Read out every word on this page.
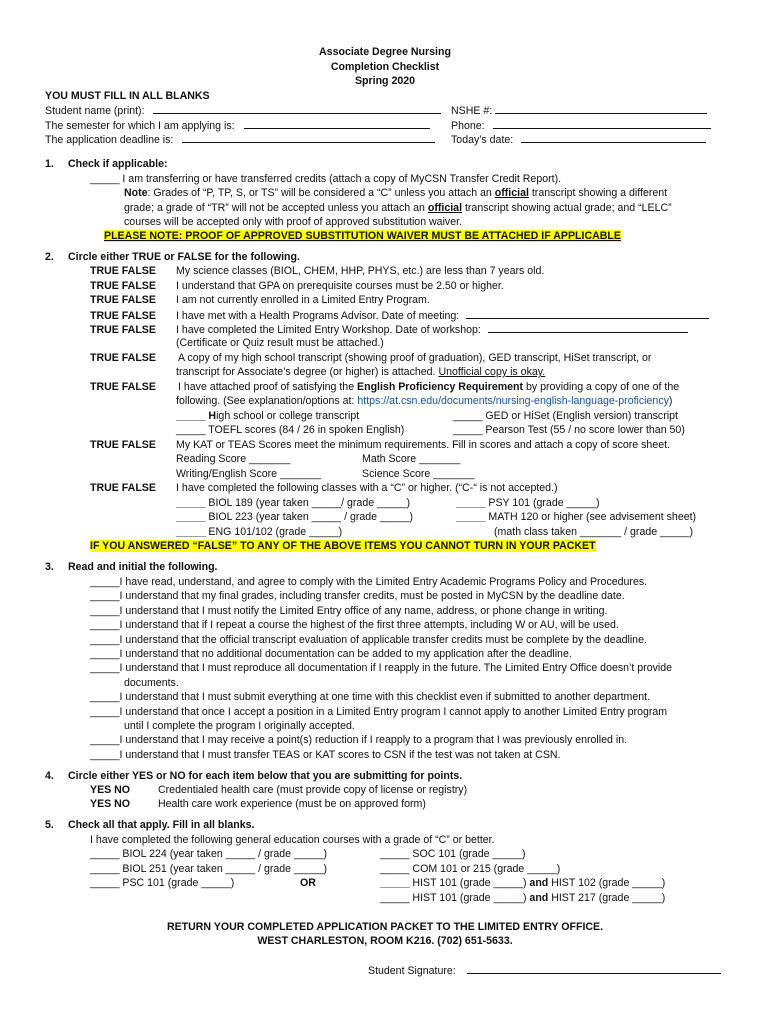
Associate Degree Nursing
Completion Checklist
Spring 2020
YOU MUST FILL IN ALL BLANKS
Student name (print):	NSHE #:
The semester for which I am applying is:	Phone:
The application deadline is:	Today’s date:
1. Check if applicable:
_____ I am transferring or have transferred credits (attach a copy of MyCSN Transfer Credit Report).
Note: Grades of “P, TP, S, or TS” will be considered a “C” unless you attach an official transcript showing a different
grade; a grade of “TR” will not be accepted unless you attach an official transcript showing actual grade; and “LELC”
courses will be accepted only with proof of approved substitution waiver.
PLEASE NOTE: PROOF OF APPROVED SUBSTITUTION WAIVER MUST BE ATTACHED IF APPLICABLE
2. Circle either TRUE or FALSE for the following.
TRUE FALSE My science classes (BIOL, CHEM, HHP, PHYS, etc.) are less than 7 years old.
TRUE FALSE I understand that GPA on prerequisite courses must be 2.50 or higher.
TRUE FALSE I am not currently enrolled in a Limited Entry Program.
TRUE FALSE I have met with a Health Programs Advisor. Date of meeting:
TRUE FALSE I have completed the Limited Entry Workshop. Date of workshop:
(Certificate or Quiz result must be attached.)
TRUE FALSE A copy of my high school transcript (showing proof of graduation), GED transcript, HiSet transcript, or
transcript for Associate’s degree (or higher) is attached. Unofficial copy is okay.
TRUE FALSE I have attached proof of satisfying the English Proficiency Requirement by providing a copy of one of the
following. (See explanation/options at: https://at.csn.edu/documents/nursing-english-language-proficiency)
_____ High school or college transcript	_____ GED or HiSet (English version) transcript
_____ TOEFL scores (84 / 26 in spoken English)	_____ Pearson Test (55 / no score lower than 50)
TRUE FALSE My KAT or TEAS Scores meet the minimum requirements. Fill in scores and attach a copy of score sheet.
Reading Score _______	Math Score _______
Writing/English Score _______	Science Score _______
TRUE FALSE I have completed the following classes with a “C” or higher. (“C-“ is not accepted.)
_____ BIOL 189 (year taken _____/ grade _____)	_____ PSY 101 (grade _____)
_____ BIOL 223 (year taken _____ / grade _____)	_____ MATH 120 or higher (see advisement sheet)
_____ ENG 101/102 (grade _____)	(math class taken _______ / grade _____)
IF YOU ANSWERED “FALSE” TO ANY OF THE ABOVE ITEMS YOU CANNOT TURN IN YOUR PACKET
3. Read and initial the following.
_____I have read, understand, and agree to comply with the Limited Entry Academic Programs Policy and Procedures.
_____I understand that my final grades, including transfer credits, must be posted in MyCSN by the deadline date.
_____I understand that I must notify the Limited Entry office of any name, address, or phone change in writing.
_____I understand that if I repeat a course the highest of the first three attempts, including W or AU, will be used.
_____I understand that the official transcript evaluation of applicable transfer credits must be complete by the deadline.
_____I understand that no additional documentation can be added to my application after the deadline.
_____I understand that I must reproduce all documentation if I reapply in the future. The Limited Entry Office doesn’t provide
documents.
_____I understand that I must submit everything at one time with this checklist even if submitted to another department.
_____I understand that once I accept a position in a Limited Entry program I cannot apply to another Limited Entry program
until I complete the program I originally accepted.
_____I understand that I may receive a point(s) reduction if I reapply to a program that I was previously enrolled in.
_____I understand that I must transfer TEAS or KAT scores to CSN if the test was not taken at CSN.
4. Circle either YES or NO for each item below that you are submitting for points.
YES NO	Credentialed health care (must provide copy of license or registry)
YES NO	Health care work experience (must be on approved form)
5. Check all that apply. Fill in all blanks.
I have completed the following general education courses with a grade of “C” or better.
_____ BIOL 224 (year taken _____ / grade _____)	_____ SOC 101 (grade _____)
_____ BIOL 251 (year taken _____ / grade _____)	_____ COM 101 or 215 (grade _____)
_____ PSC 101 (grade _____)	OR	_____ HIST 101 (grade _____) and HIST 102 (grade _____)
_____ HIST 101 (grade _____) and HIST 217 (grade _____)
RETURN YOUR COMPLETED APPLICATION PACKET TO THE LIMITED ENTRY OFFICE.
WEST CHARLESTON, ROOM K216. (702) 651-5633.
Student Signature:
